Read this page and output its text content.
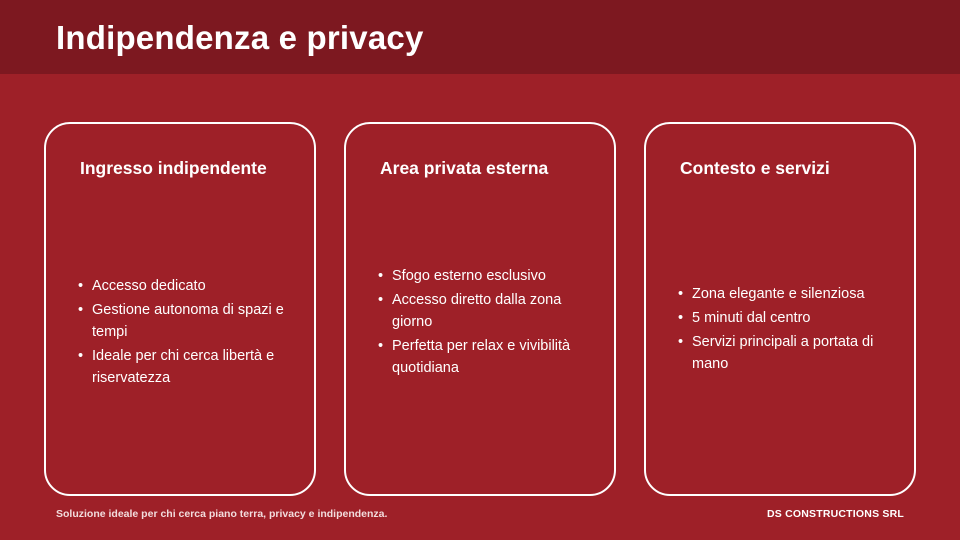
Indipendenza e privacy
Ingresso indipendente
• Accesso dedicato
• Gestione autonoma di spazi e tempi
• Ideale per chi cerca libertà e riservatezza
Area privata esterna
• Sfogo esterno esclusivo
• Accesso diretto dalla zona giorno
• Perfetta per relax e vivibilità quotidiana
Contesto e servizi
• Zona elegante e silenziosa
• 5 minuti dal centro
• Servizi principali a portata di mano
Soluzione ideale per chi cerca piano terra, privacy e indipendenza.	DS CONSTRUCTIONS SRL
